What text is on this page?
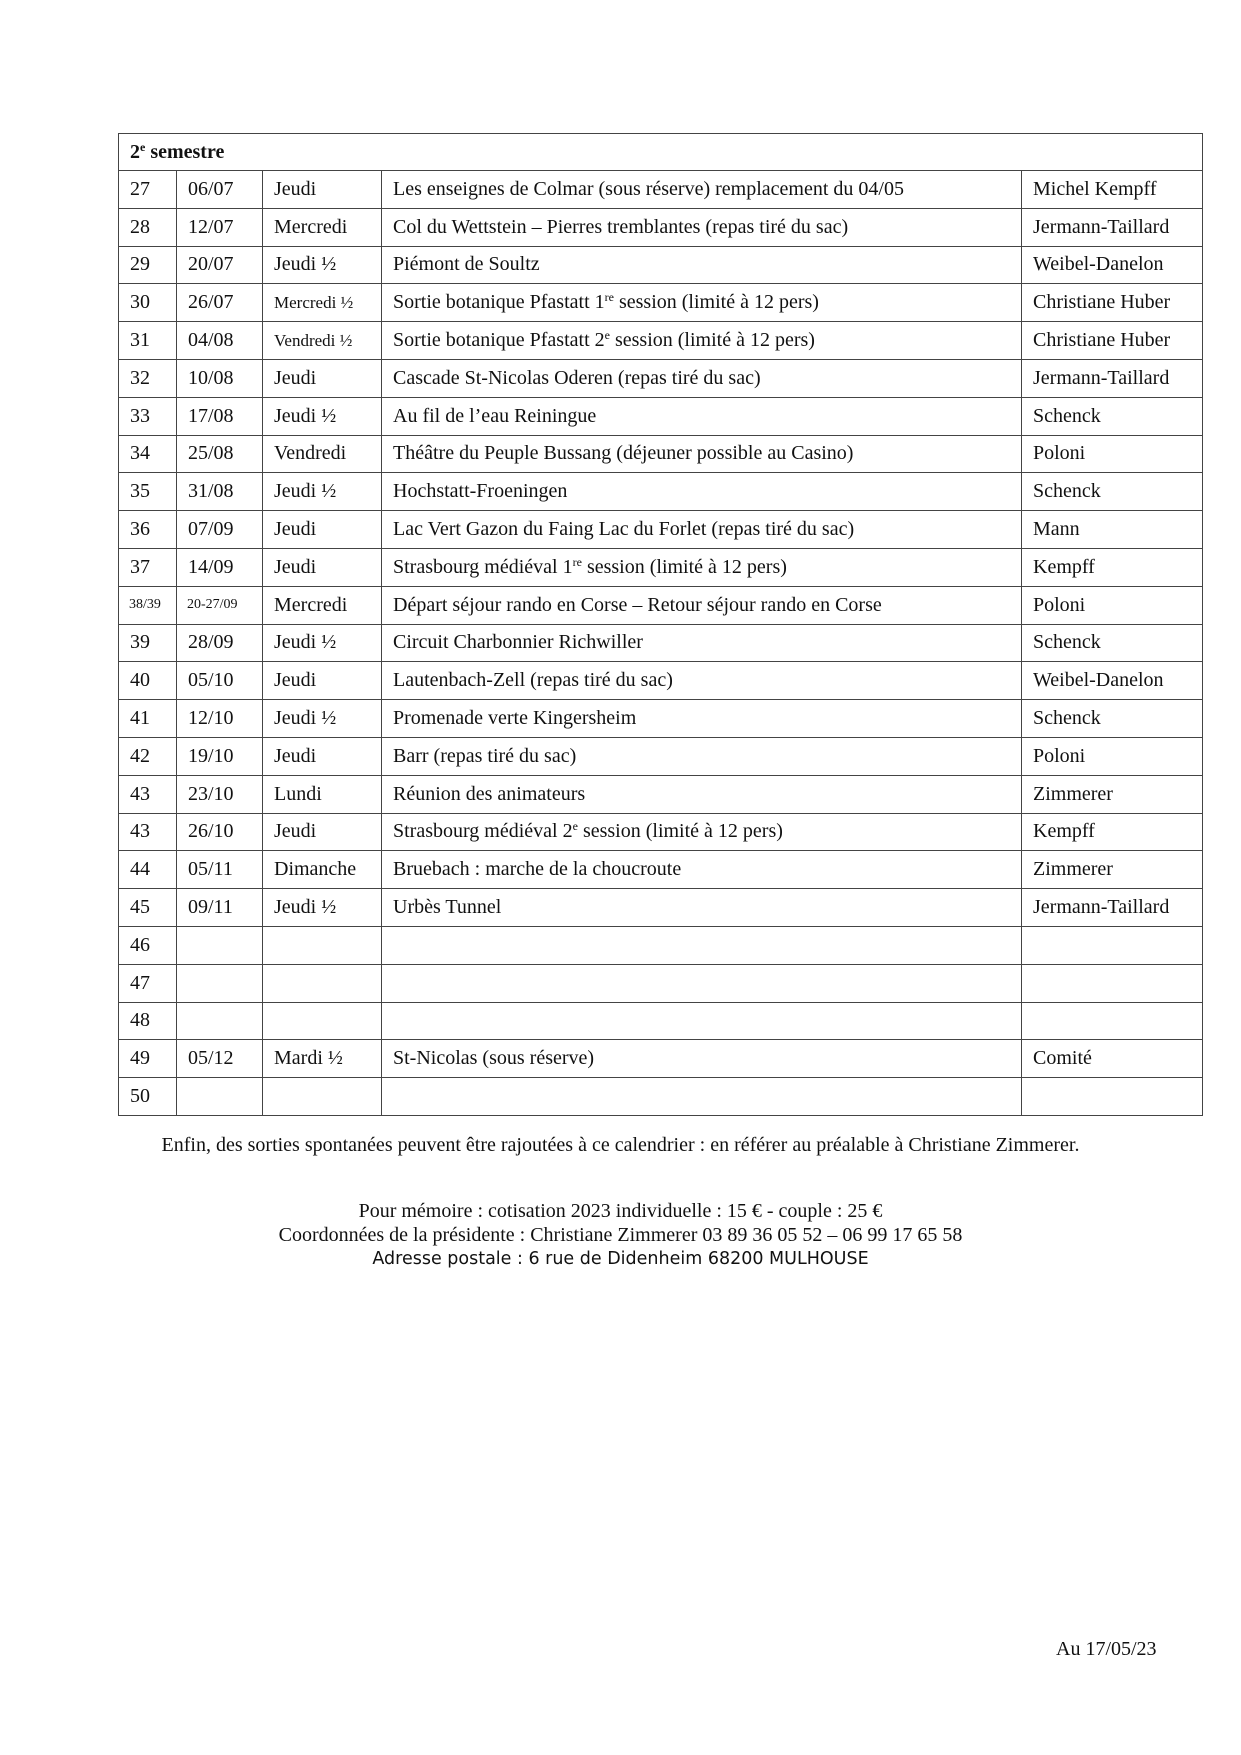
2e semestre				
27	06/07	Jeudi	Les enseignes de Colmar (sous réserve) remplacement du 04/05	Michel Kempff
28	12/07	Mercredi	Col du Wettstein – Pierres tremblantes (repas tiré du sac)	Jermann-Taillard
29	20/07	Jeudi ½	Piémont de Soultz	Weibel-Danelon
30	26/07	Mercredi ½	Sortie botanique Pfastatt 1re session (limité à 12 pers)	Christiane Huber
31	04/08	Vendredi ½	Sortie botanique Pfastatt 2e session (limité à 12 pers)	Christiane Huber
32	10/08	Jeudi	Cascade St-Nicolas Oderen (repas tiré du sac)	Jermann-Taillard
33	17/08	Jeudi ½	Au fil de l’eau Reiningue	Schenck
34	25/08	Vendredi	Théâtre du Peuple Bussang (déjeuner possible au Casino)	Poloni
35	31/08	Jeudi ½	Hochstatt-Froeningen	Schenck
36	07/09	Jeudi	Lac Vert Gazon du Faing Lac du Forlet (repas tiré du sac)	Mann
37	14/09	Jeudi	Strasbourg médiéval 1re session (limité à 12 pers)	Kempff
38/39	20-27/09	Mercredi	Départ séjour rando en Corse – Retour séjour rando en Corse	Poloni
39	28/09	Jeudi ½	Circuit Charbonnier Richwiller	Schenck
40	05/10	Jeudi	Lautenbach-Zell (repas tiré du sac)	Weibel-Danelon
41	12/10	Jeudi ½	Promenade verte Kingersheim	Schenck
42	19/10	Jeudi	Barr (repas tiré du sac)	Poloni
43	23/10	Lundi	Réunion des animateurs	Zimmerer
43	26/10	Jeudi	Strasbourg médiéval 2e session (limité à 12 pers)	Kempff
44	05/11	Dimanche	Bruebach : marche de la choucroute	Zimmerer
45	09/11	Jeudi ½	Urbès Tunnel	Jermann-Taillard
46				
47				
48				
49	05/12	Mardi ½	St-Nicolas (sous réserve)	Comité
50				
Enfin, des sorties spontanées peuvent être rajoutées à ce calendrier : en référer au préalable à Christiane Zimmerer.
Pour mémoire : cotisation 2023 individuelle : 15 € - couple : 25 €
Coordonnées de la présidente : Christiane Zimmerer 03 89 36 05 52 – 06 99 17 65 58
Adresse postale : 6 rue de Didenheim 68200 MULHOUSE
Au 17/05/23
